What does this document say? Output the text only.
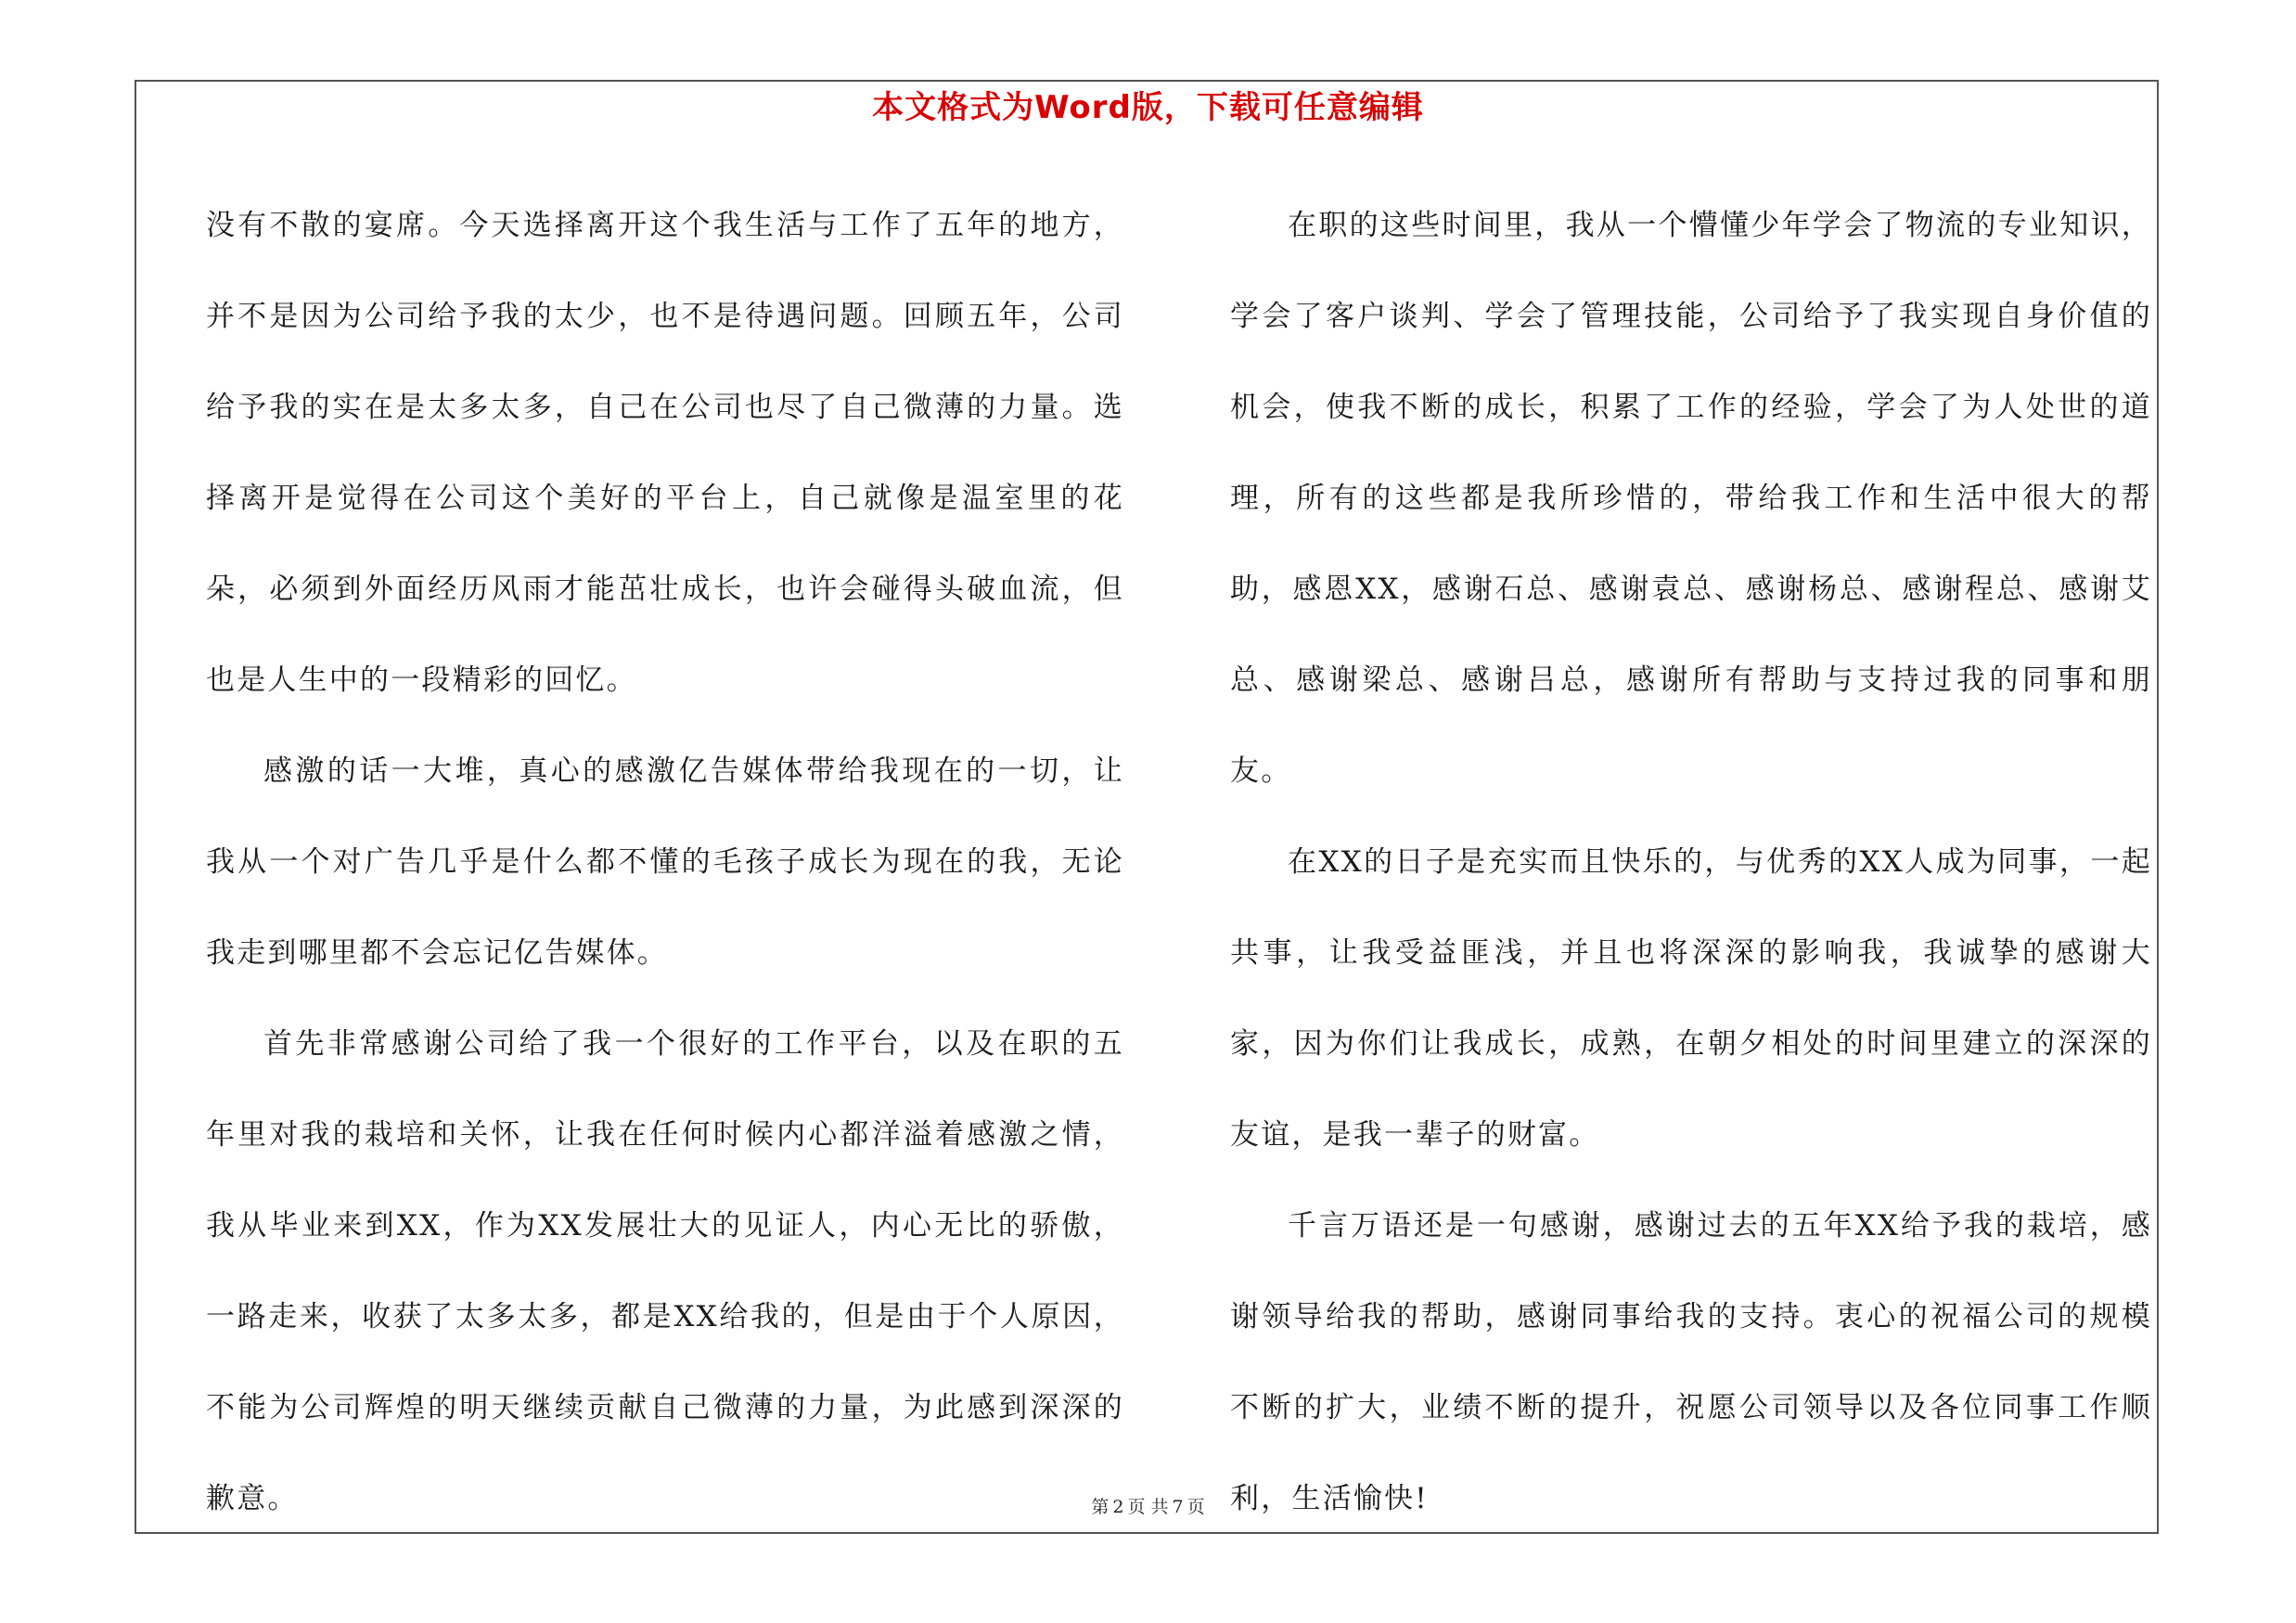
本文格式为Word版，下载可任意编辑

没有不散的宴席。今天选择离开这个我生活与工作了五年的地方，并不是因为公司给予我的太少，也不是待遇问题。回顾五年，公司给予我的实在是太多太多，自己在公司也尽了自己微薄的力量。选择离开是觉得在公司这个美好的平台上，自己就像是温室里的花朵，必须到外面经历风雨才能茁壮成长，也许会碰得头破血流，但也是人生中的一段精彩的回忆。

感激的话一大堆，真心的感激亿告媒体带给我现在的一切，让我从一个对广告几乎是什么都不懂的毛孩子成长为现在的我，无论我走到哪里都不会忘记亿告媒体。

首先非常感谢公司给了我一个很好的工作平台，以及在职的五年里对我的栽培和关怀，让我在任何时候内心都洋溢着感激之情，我从毕业来到XX，作为XX发展壮大的见证人，内心无比的骄傲，一路走来，收获了太多太多，都是XX给我的，但是由于个人原因，不能为公司辉煌的明天继续贡献自己微薄的力量，为此感到深深的歉意。

在职的这些时间里，我从一个懵懂少年学会了物流的专业知识，学会了客户谈判、学会了管理技能，公司给予了我实现自身价值的机会，使我不断的成长，积累了工作的经验，学会了为人处世的道理，所有的这些都是我所珍惜的，带给我工作和生活中很大的帮助，感恩XX，感谢石总、感谢袁总、感谢杨总、感谢程总、感谢艾总、感谢梁总、感谢吕总，感谢所有帮助与支持过我的同事和朋友。

在XX的日子是充实而且快乐的，与优秀的XX人成为同事，一起共事，让我受益匪浅，并且也将深深的影响我，我诚挚的感谢大家，因为你们让我成长，成熟，在朝夕相处的时间里建立的深深的友谊，是我一辈子的财富。

千言万语还是一句感谢，感谢过去的五年XX给予我的栽培，感谢领导给我的帮助，感谢同事给我的支持。衷心的祝福公司的规模不断的扩大，业绩不断的提升，祝愿公司领导以及各位同事工作顺利，生活愉快!

第 2 页 共 7 页
